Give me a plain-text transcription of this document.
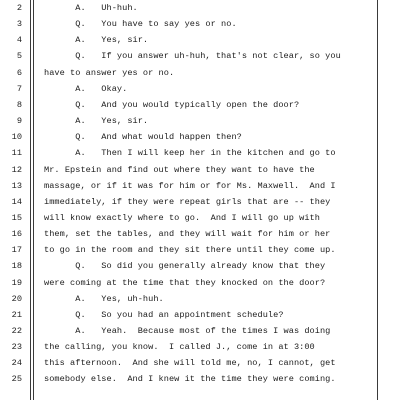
2	A.   Uh-huh.
3	Q.   You have to say yes or no.
4	A.   Yes, sir.
5	Q.   If you answer uh-huh, that's not clear, so you
6	have to answer yes or no.
7	A.   Okay.
8	Q.   And you would typically open the door?
9	A.   Yes, sir.
10	Q.   And what would happen then?
11	A.   Then I will keep her in the kitchen and go to
12	Mr. Epstein and find out where they want to have the
13	massage, or if it was for him or for Ms. Maxwell.  And I
14	immediately, if they were repeat girls that are -- they
15	will know exactly where to go.  And I will go up with
16	them, set the tables, and they will wait for him or her
17	to go in the room and they sit there until they come up.
18	Q.   So did you generally already know that they
19	were coming at the time that they knocked on the door?
20	A.   Yes, uh-huh.
21	Q.   So you had an appointment schedule?
22	A.   Yeah.  Because most of the times I was doing
23	the calling, you know.  I called J., come in at 3:00
24	this afternoon.  And she will told me, no, I cannot, get
25	somebody else.  And I knew it the time they were coming.
